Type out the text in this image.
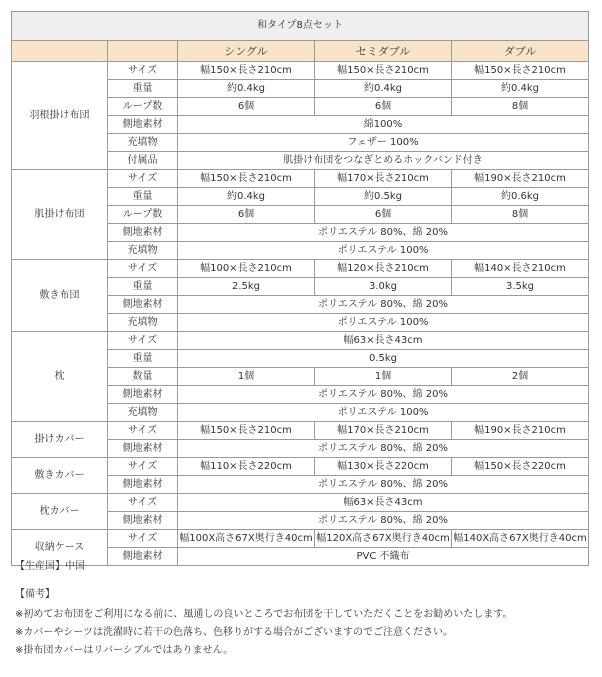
和タイプ8点セット				
		シングル	セミダブル	ダブル
羽根掛け布団	サイズ	幅150×長さ210cm	幅150×長さ210cm	幅150×長さ210cm
	重量	約0.4kg	約0.4kg	約0.4kg
	ループ数	6個	6個	8個
	側地素材	綿100%		
	充填物	フェザー 100%		
	付属品	肌掛け布団をつなぎとめるホックバンド付き		
肌掛け布団	サイズ	幅150×長さ210cm	幅170×長さ210cm	幅190×長さ210cm
	重量	約0.4kg	約0.5kg	約0.6kg
	ループ数	6個	6個	8個
	側地素材	ポリエステル 80%、綿 20%		
	充填物	ポリエステル 100%		
敷き布団	サイズ	幅100×長さ210cm	幅120×長さ210cm	幅140×長さ210cm
	重量	2.5kg	3.0kg	3.5kg
	側地素材	ポリエステル 80%、綿 20%		
	充填物	ポリエステル 100%		
枕	サイズ	幅63×長さ43cm		
	重量	0.5kg		
	数量	1個	1個	2個
	側地素材	ポリエステル 80%、綿 20%		
	充填物	ポリエステル 100%		
掛けカバー	サイズ	幅150×長さ210cm	幅170×長さ210cm	幅190×長さ210cm
	側地素材	ポリエステル 80%、綿 20%		
敷きカバー	サイズ	幅110×長さ220cm	幅130×長さ220cm	幅150×長さ220cm
	側地素材	ポリエステル 80%、綿 20%		
枕カバー	サイズ	幅63×長さ43cm		
	側地素材	ポリエステル 80%、綿 20%		
収納ケース	サイズ	幅100X高さ67X奥行き40cm	幅120X高さ67X奥行き40cm	幅140X高さ67X奥行き40cm
	側地素材	PVC 不織布		
【生産国】中国
【備考】
※初めてお布団をご利用になる前に、風通しの良いところでお布団を干していただくことをお勧めいたします。
※カバーやシーツは洗濯時に若干の色落ち、色移りがする場合がございますのでご注意ください。
※掛布団カバーはリバーシブルではありません。
